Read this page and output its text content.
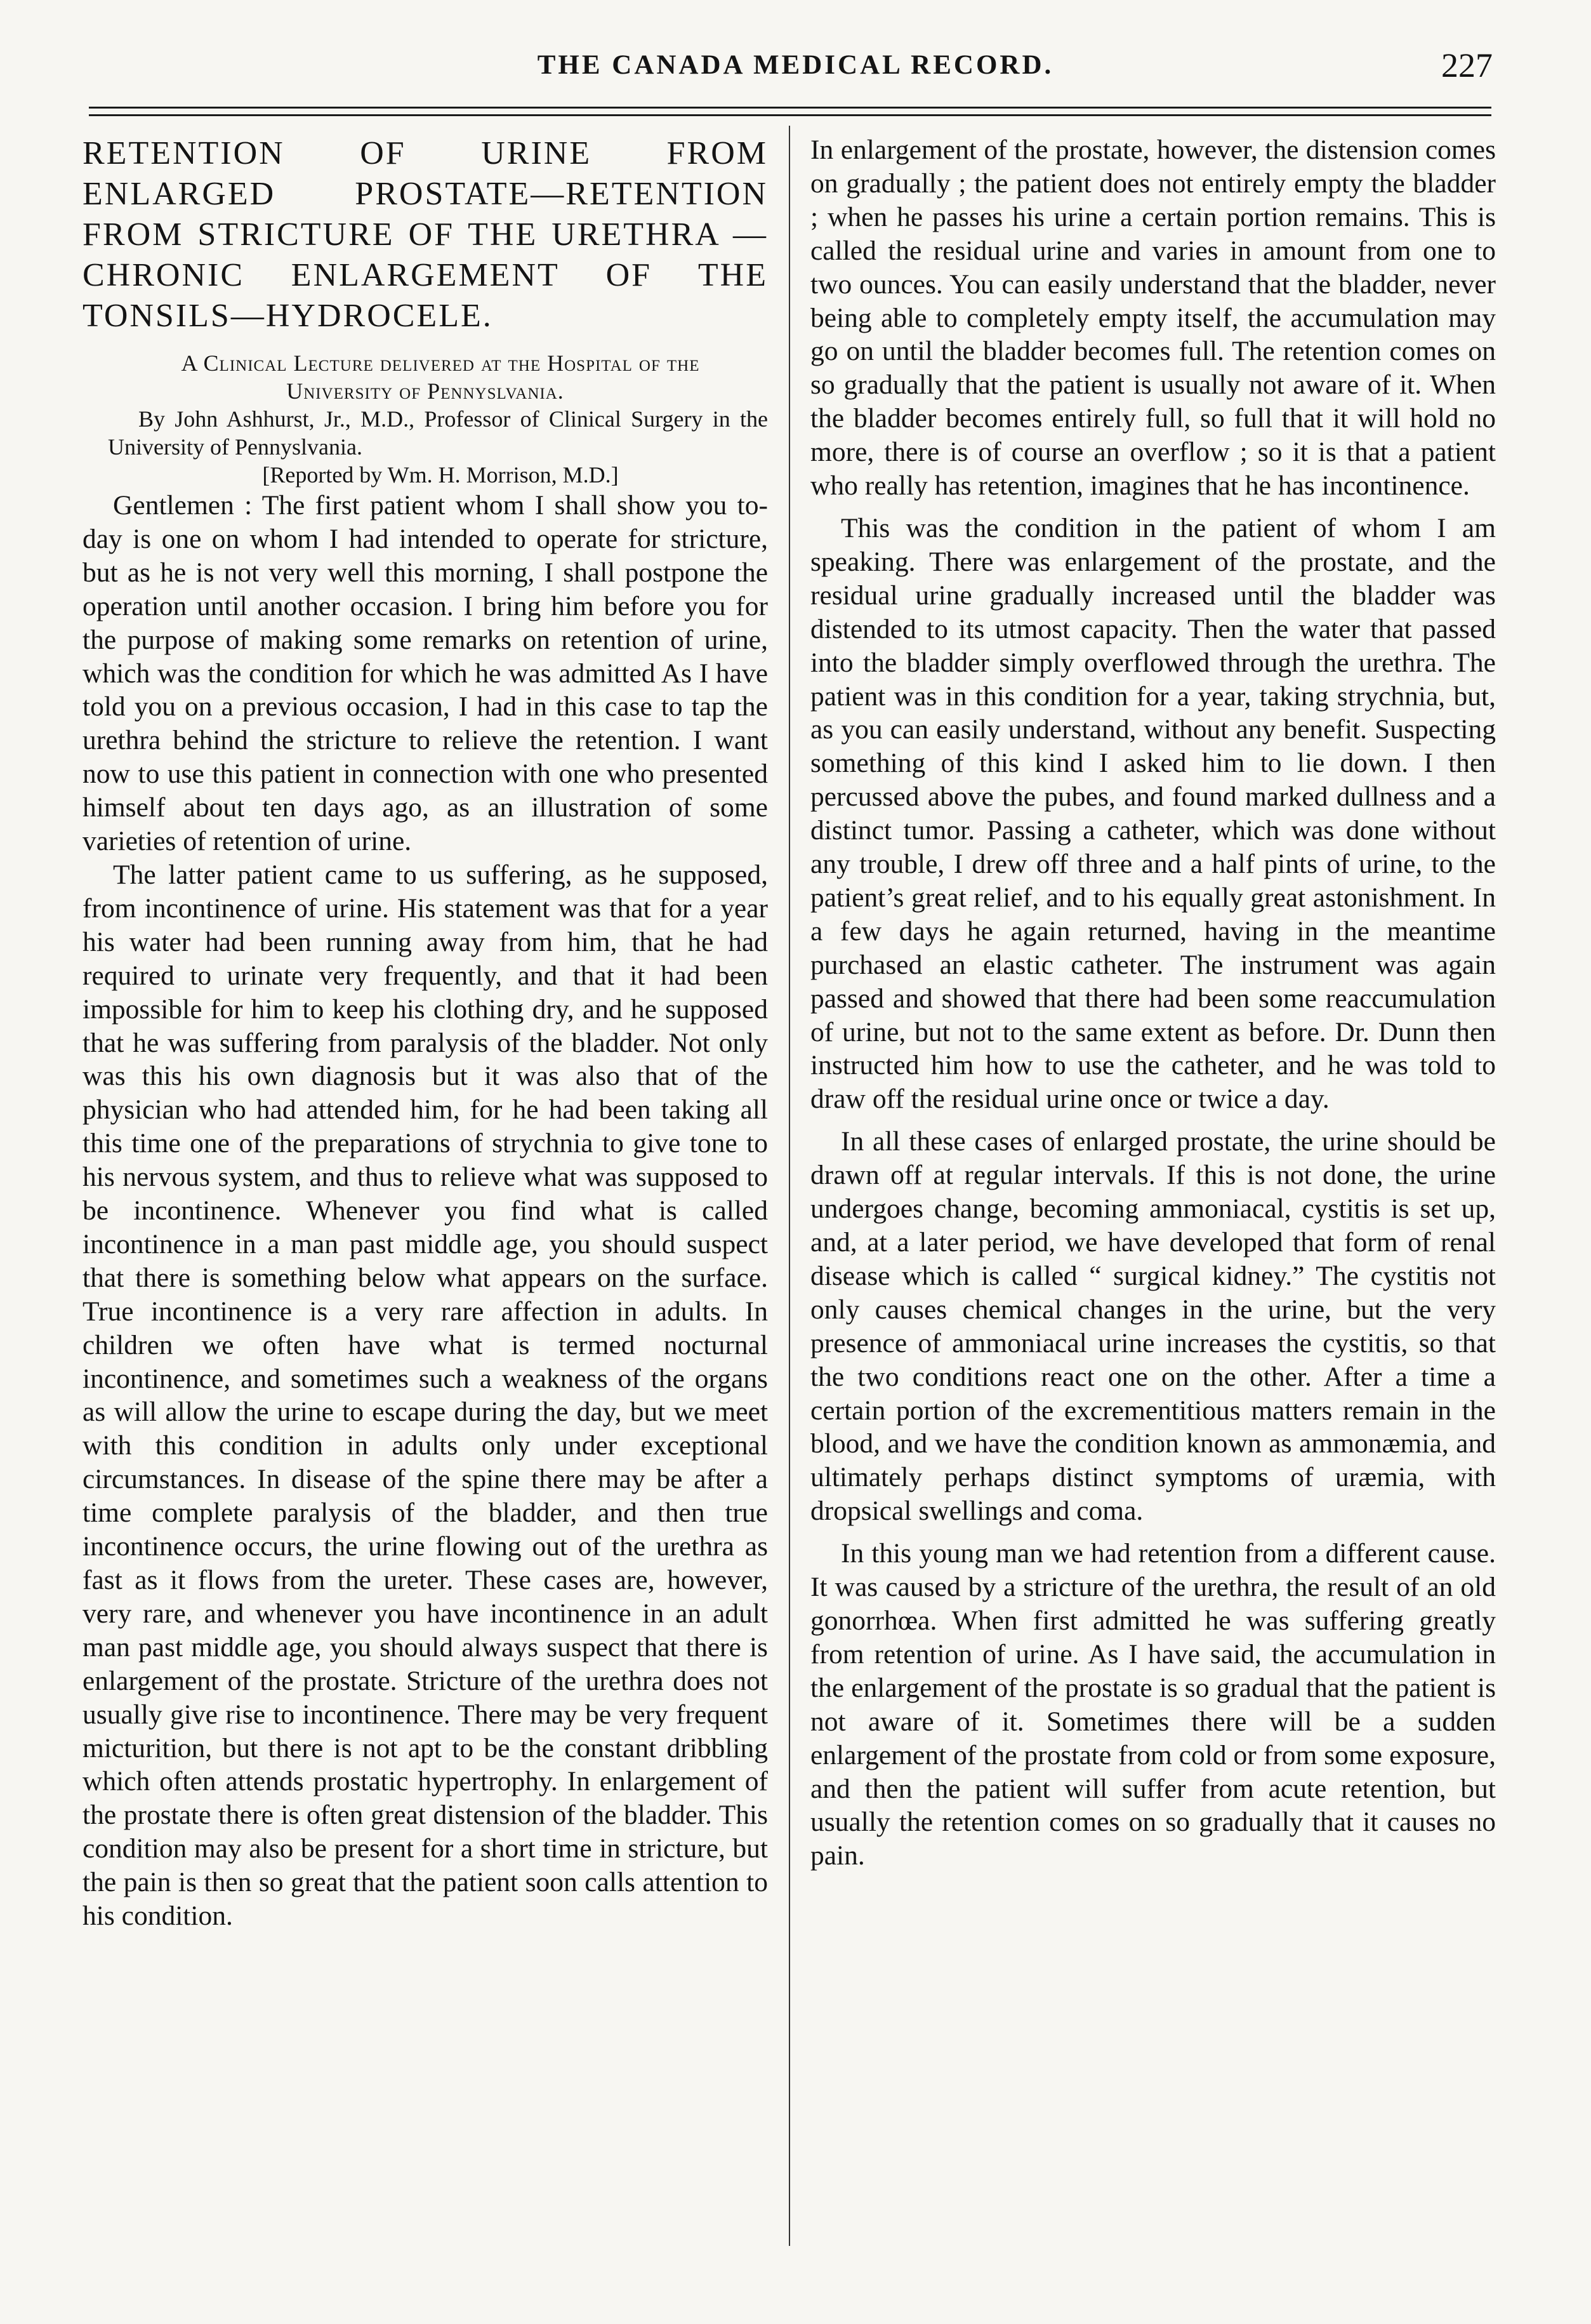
THE CANADA MEDICAL RECORD.	227
RETENTION OF URINE FROM ENLARGED PROSTATE—RETENTION FROM STRICTURE OF THE URETHRA —CHRONIC ENLARGEMENT OF THE TONSILS—HYDROCELE.

A Clinical Lecture delivered at the Hospital of the University of Pennyslvania.

By John Ashhurst, Jr., M.D., Professor of Clinical Surgery in the University of Pennyslvania.

[Reported by Wm. H. Morrison, M.D.]

Gentlemen : The first patient whom I shall show you to-day is one on whom I had intended to operate for stricture, but as he is not very well this morning, I shall postpone the operation until another occasion. I bring him before you for the purpose of making some remarks on retention of urine, which was the condition for which he was admitted As I have told you on a previous occasion, I had in this case to tap the urethra behind the stricture to relieve the retention. I want now to use this patient in connection with one who presented himself about ten days ago, as an illustration of some varieties of retention of urine.

The latter patient came to us suffering, as he supposed, from incontinence of urine. His statement was that for a year his water had been running away from him, that he had required to urinate very frequently, and that it had been impossible for him to keep his clothing dry, and he supposed that he was suffering from paralysis of the bladder. Not only was this his own diagnosis but it was also that of the physician who had attended him, for he had been taking all this time one of the preparations of strychnia to give tone to his nervous system, and thus to relieve what was supposed to be incontinence. Whenever you find what is called incontinence in a man past middle age, you should suspect that there is something below what appears on the surface. True incontinence is a very rare affection in adults. In children we often have what is termed nocturnal incontinence, and sometimes such a weakness of the organs as will allow the urine to escape during the day, but we meet with this condition in adults only under exceptional circumstances. In disease of the spine there may be after a time complete paralysis of the bladder, and then true incontinence occurs, the urine flowing out of the urethra as fast as it flows from the ureter. These cases are, however, very rare, and whenever you have incontinence in an adult man past middle age, you should always suspect that there is enlargement of the prostate. Stricture of the urethra does not usually give rise to incontinence. There may be very frequent micturition, but there is not apt to be the constant dribbling which often attends prostatic hypertrophy. In enlargement of the prostate there is often great distension of the bladder. This condition may also be present for a short time in stricture, but the pain is then so great that the patient soon calls attention to his condition.

In enlargement of the prostate, however, the distension comes on gradually ; the patient does not entirely empty the bladder ; when he passes his urine a certain portion remains. This is called the residual urine and varies in amount from one to two ounces. You can easily understand that the bladder, never being able to completely empty itself, the accumulation may go on until the bladder becomes full. The retention comes on so gradually that the patient is usually not aware of it. When the bladder becomes entirely full, so full that it will hold no more, there is of course an overflow ; so it is that a patient who really has retention, imagines that he has incontinence.

This was the condition in the patient of whom I am speaking. There was enlargement of the prostate, and the residual urine gradually increased until the bladder was distended to its utmost capacity. Then the water that passed into the bladder simply overflowed through the urethra. The patient was in this condition for a year, taking strychnia, but, as you can easily understand, without any benefit. Suspecting something of this kind I asked him to lie down. I then percussed above the pubes, and found marked dullness and a distinct tumor. Passing a catheter, which was done without any trouble, I drew off three and a half pints of urine, to the patient’s great relief, and to his equally great astonishment. In a few days he again returned, having in the meantime purchased an elastic catheter. The instrument was again passed and showed that there had been some reaccumulation of urine, but not to the same extent as before. Dr. Dunn then instructed him how to use the catheter, and he was told to draw off the residual urine once or twice a day.

In all these cases of enlarged prostate, the urine should be drawn off at regular intervals. If this is not done, the urine undergoes change, becoming ammoniacal, cystitis is set up, and, at a later period, we have developed that form of renal disease which is called “ surgical kidney.” The cystitis not only causes chemical changes in the urine, but the very presence of ammoniacal urine increases the cystitis, so that the two conditions react one on the other. After a time a certain portion of the excrementitious matters remain in the blood, and we have the condition known as ammonæmia, and ultimately perhaps distinct symptoms of uræmia, with dropsical swellings and coma.

In this young man we had retention from a different cause. It was caused by a stricture of the urethra, the result of an old gonorrhœa. When first admitted he was suffering greatly from retention of urine. As I have said, the accumulation in the enlargement of the prostate is so gradual that the patient is not aware of it. Sometimes there will be a sudden enlargement of the prostate from cold or from some exposure, and then the patient will suffer from acute retention, but usually the retention comes on so gradually that it causes no pain.
